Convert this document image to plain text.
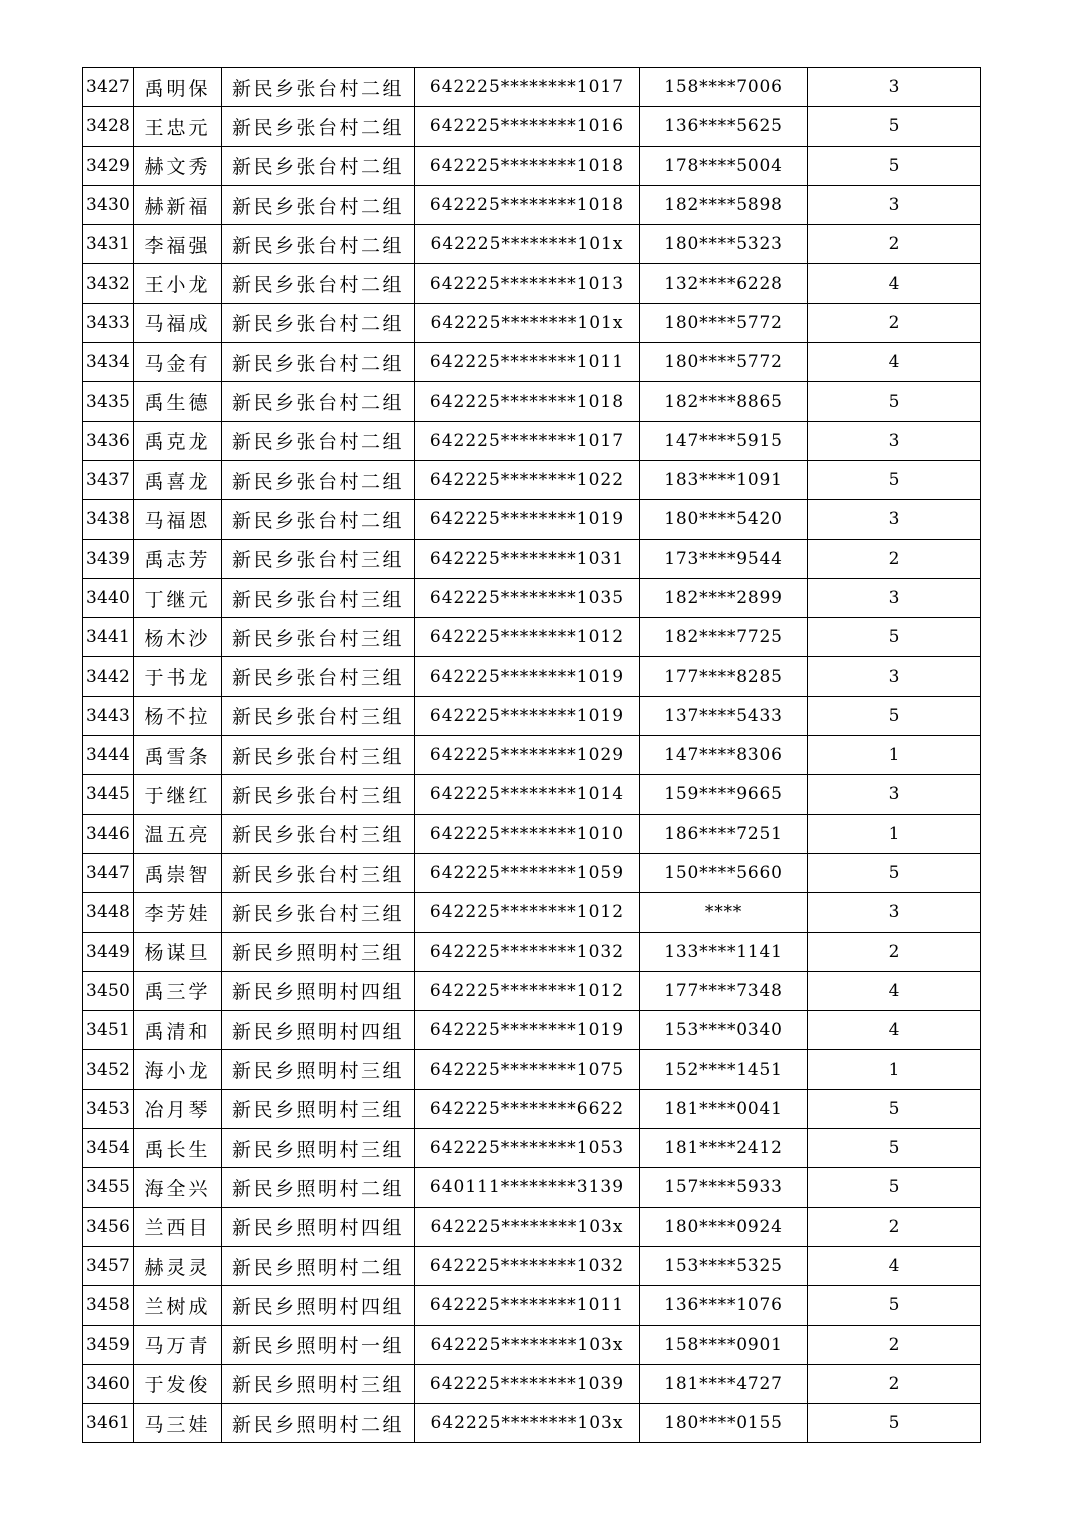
3427	禹明保	新民乡张台村二组	642225********1017	158****7006	3
3428	王忠元	新民乡张台村二组	642225********1016	136****5625	5
3429	赫文秀	新民乡张台村二组	642225********1018	178****5004	5
3430	赫新福	新民乡张台村二组	642225********1018	182****5898	3
3431	李福强	新民乡张台村二组	642225********101x	180****5323	2
3432	王小龙	新民乡张台村二组	642225********1013	132****6228	4
3433	马福成	新民乡张台村二组	642225********101x	180****5772	2
3434	马金有	新民乡张台村二组	642225********1011	180****5772	4
3435	禹生德	新民乡张台村二组	642225********1018	182****8865	5
3436	禹克龙	新民乡张台村二组	642225********1017	147****5915	3
3437	禹喜龙	新民乡张台村二组	642225********1022	183****1091	5
3438	马福恩	新民乡张台村二组	642225********1019	180****5420	3
3439	禹志芳	新民乡张台村三组	642225********1031	173****9544	2
3440	丁继元	新民乡张台村三组	642225********1035	182****2899	3
3441	杨木沙	新民乡张台村三组	642225********1012	182****7725	5
3442	于书龙	新民乡张台村三组	642225********1019	177****8285	3
3443	杨不拉	新民乡张台村三组	642225********1019	137****5433	5
3444	禹雪条	新民乡张台村三组	642225********1029	147****8306	1
3445	于继红	新民乡张台村三组	642225********1014	159****9665	3
3446	温五亮	新民乡张台村三组	642225********1010	186****7251	1
3447	禹崇智	新民乡张台村三组	642225********1059	150****5660	5
3448	李芳娃	新民乡张台村三组	642225********1012	****	3
3449	杨谋旦	新民乡照明村三组	642225********1032	133****1141	2
3450	禹三学	新民乡照明村四组	642225********1012	177****7348	4
3451	禹清和	新民乡照明村四组	642225********1019	153****0340	4
3452	海小龙	新民乡照明村三组	642225********1075	152****1451	1
3453	冶月琴	新民乡照明村三组	642225********6622	181****0041	5
3454	禹长生	新民乡照明村三组	642225********1053	181****2412	5
3455	海全兴	新民乡照明村二组	640111********3139	157****5933	5
3456	兰西目	新民乡照明村四组	642225********103x	180****0924	2
3457	赫灵灵	新民乡照明村二组	642225********1032	153****5325	4
3458	兰树成	新民乡照明村四组	642225********1011	136****1076	5
3459	马万青	新民乡照明村一组	642225********103x	158****0901	2
3460	于发俊	新民乡照明村三组	642225********1039	181****4727	2
3461	马三娃	新民乡照明村二组	642225********103x	180****0155	5
